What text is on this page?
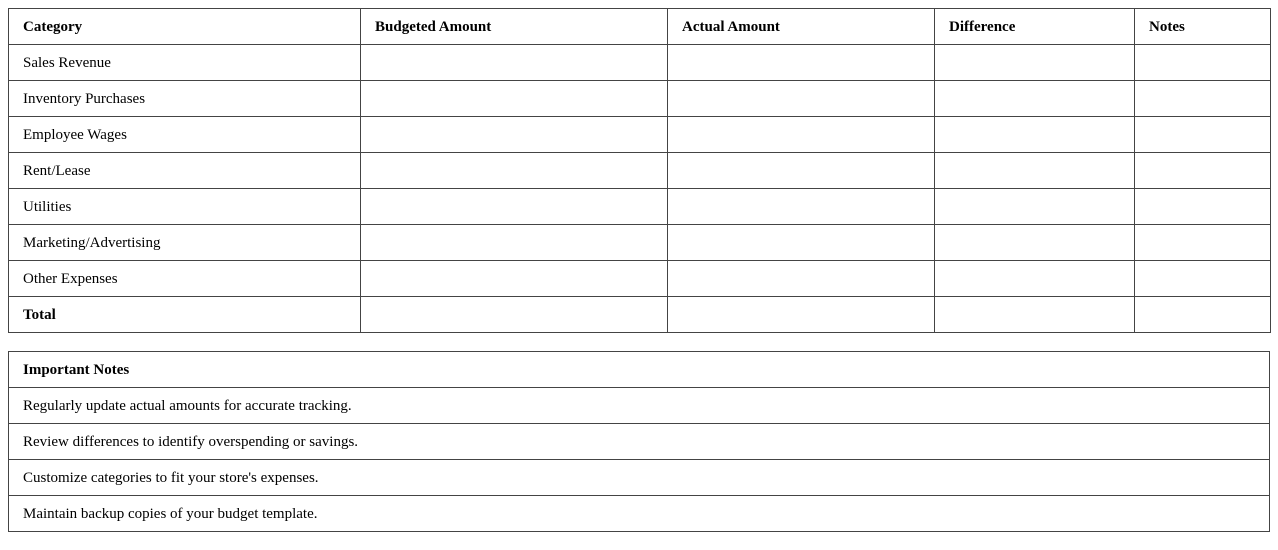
Category	Budgeted Amount	Actual Amount	Difference	Notes
Sales Revenue				
Inventory Purchases				
Employee Wages				
Rent/Lease				
Utilities				
Marketing/Advertising				
Other Expenses				
Total				
Important Notes
Regularly update actual amounts for accurate tracking.
Review differences to identify overspending or savings.
Customize categories to fit your store's expenses.
Maintain backup copies of your budget template.
